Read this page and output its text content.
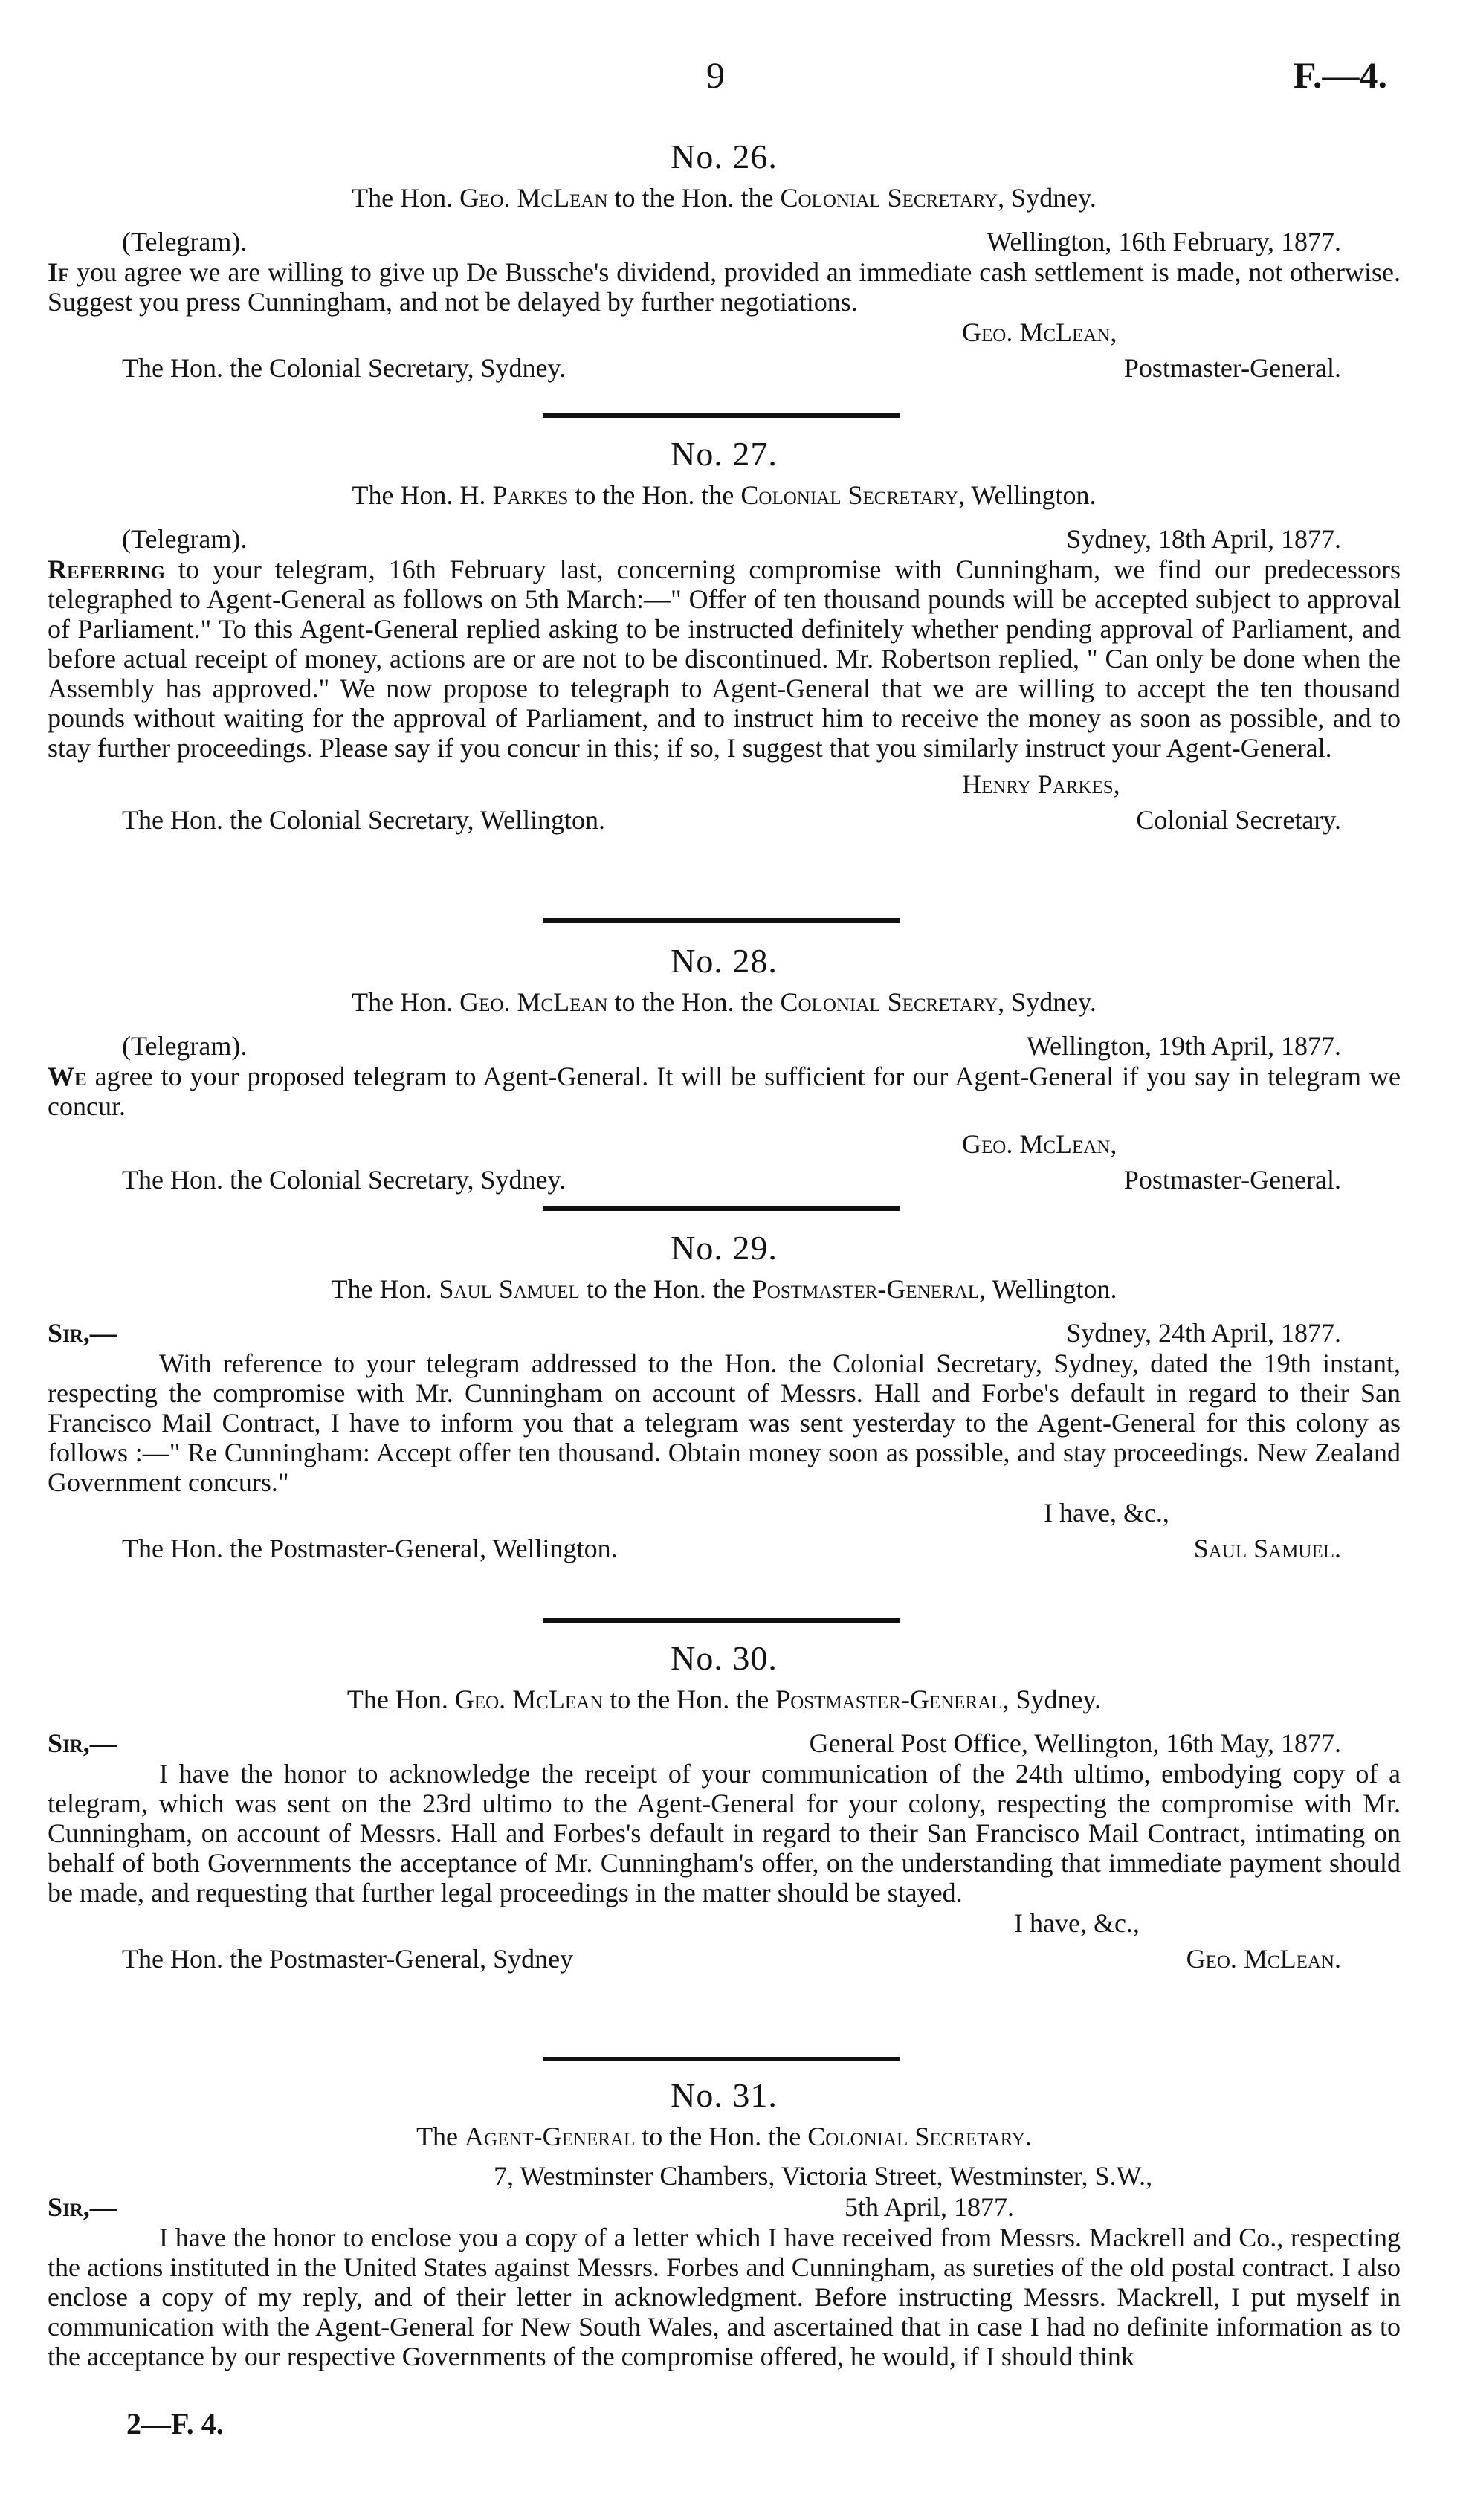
9	F.—4.
No. 26.
The Hon. Geo. McLean to the Hon. the Colonial Secretary, Sydney.
(Telegram).	Wellington, 16th February, 1877.
If you agree we are willing to give up De Bussche's dividend, provided an immediate cash settlement is made, not otherwise. Suggest you press Cunningham, and not be delayed by further negotiations.
Geo. McLean,
The Hon. the Colonial Secretary, Sydney.	Postmaster-General.
No. 27.
The Hon. H. Parkes to the Hon. the Colonial Secretary, Wellington.
(Telegram).	Sydney, 18th April, 1877.
Referring to your telegram, 16th February last, concerning compromise with Cunningham, we find our predecessors telegraphed to Agent-General as follows on 5th March:—" Offer of ten thousand pounds will be accepted subject to approval of Parliament." To this Agent-General replied asking to be instructed definitely whether pending approval of Parliament, and before actual receipt of money, actions are or are not to be discontinued. Mr. Robertson replied, " Can only be done when the Assembly has approved." We now propose to telegraph to Agent-General that we are willing to accept the ten thousand pounds without waiting for the approval of Parliament, and to instruct him to receive the money as soon as possible, and to stay further proceedings. Please say if you concur in this; if so, I suggest that you similarly instruct your Agent-General.
Henry Parkes,
The Hon. the Colonial Secretary, Wellington.	Colonial Secretary.
No. 28.
The Hon. Geo. McLean to the Hon. the Colonial Secretary, Sydney.
(Telegram).	Wellington, 19th April, 1877.
We agree to your proposed telegram to Agent-General. It will be sufficient for our Agent-General if you say in telegram we concur.
Geo. McLean,
The Hon. the Colonial Secretary, Sydney.	Postmaster-General.
No. 29.
The Hon. Saul Samuel to the Hon. the Postmaster-General, Wellington.
Sir,—	Sydney, 24th April, 1877.
With reference to your telegram addressed to the Hon. the Colonial Secretary, Sydney, dated the 19th instant, respecting the compromise with Mr. Cunningham on account of Messrs. Hall and Forbe's default in regard to their San Francisco Mail Contract, I have to inform you that a telegram was sent yesterday to the Agent-General for this colony as follows :—" Re Cunningham: Accept offer ten thousand. Obtain money soon as possible, and stay proceedings. New Zealand Government concurs."
I have, &c.,
The Hon. the Postmaster-General, Wellington.	Saul Samuel.
No. 30.
The Hon. Geo. McLean to the Hon. the Postmaster-General, Sydney.
Sir,—	General Post Office, Wellington, 16th May, 1877.
I have the honor to acknowledge the receipt of your communication of the 24th ultimo, embodying copy of a telegram, which was sent on the 23rd ultimo to the Agent-General for your colony, respecting the compromise with Mr. Cunningham, on account of Messrs. Hall and Forbes's default in regard to their San Francisco Mail Contract, intimating on behalf of both Governments the acceptance of Mr. Cunningham's offer, on the understanding that immediate payment should be made, and requesting that further legal proceedings in the matter should be stayed.
I have, &c.,
The Hon. the Postmaster-General, Sydney	Geo. McLean.
No. 31.
The Agent-General to the Hon. the Colonial Secretary.
7, Westminster Chambers, Victoria Street, Westminster, S.W.,
Sir,—	5th April, 1877.
I have the honor to enclose you a copy of a letter which I have received from Messrs. Mackrell and Co., respecting the actions instituted in the United States against Messrs. Forbes and Cunningham, as sureties of the old postal contract. I also enclose a copy of my reply, and of their letter in acknowledgment. Before instructing Messrs. Mackrell, I put myself in communication with the Agent-General for New South Wales, and ascertained that in case I had no definite information as to the acceptance by our respective Governments of the compromise offered, he would, if I should think
2—F. 4.
